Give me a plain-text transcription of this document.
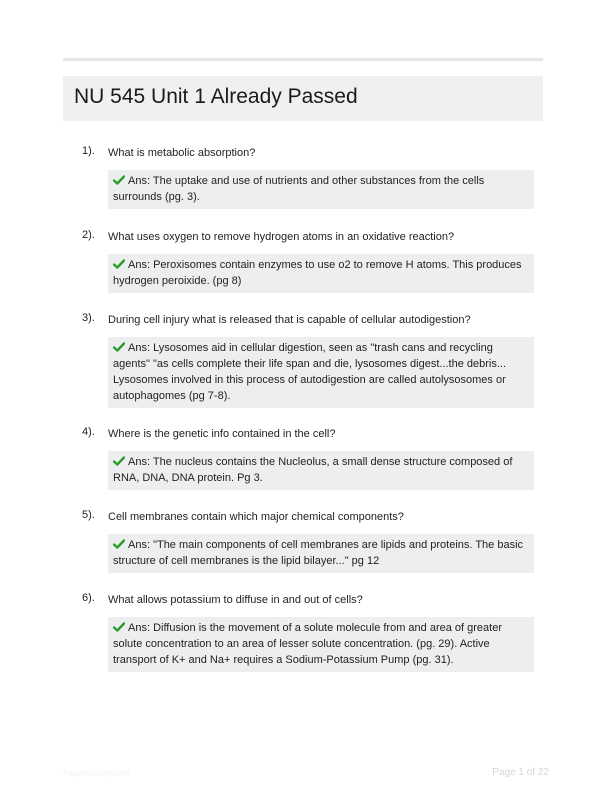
NU 545 Unit 1 Already Passed
1). What is metabolic absorption?
Ans: The uptake and use of nutrients and other substances from the cells surrounds (pg. 3).
2). What uses oxygen to remove hydrogen atoms in an oxidative reaction?
Ans: Peroxisomes contain enzymes to use o2 to remove H atoms. This produces hydrogen peroixide. (pg 8)
3). During cell injury what is released that is capable of cellular autodigestion?
Ans: Lysosomes aid in cellular digestion, seen as "trash cans and recycling agents" "as cells complete their life span and die, lysosomes digest...the debris... Lysosomes involved in this process of autodigestion are called autolysosomes or autophagomes (pg 7-8).
4). Where is the genetic info contained in the cell?
Ans: The nucleus contains the Nucleolus, a small dense structure composed of RNA, DNA, DNA protein. Pg 3.
5). Cell membranes contain which major chemical components?
Ans: "The main components of cell membranes are lipids and proteins. The basic structure of cell membranes is the lipid bilayer..." pg 12
6). What allows potassium to diffuse in and out of cells?
Ans: Diffusion is the movement of a solute molecule from and area of greater solute concentration to an area of lesser solute concentration. (pg. 29). Active transport of K+ and Na+ requires a Sodium-Potassium Pump (pg. 31).
Paperlibrary.com	Page 1 of 22
